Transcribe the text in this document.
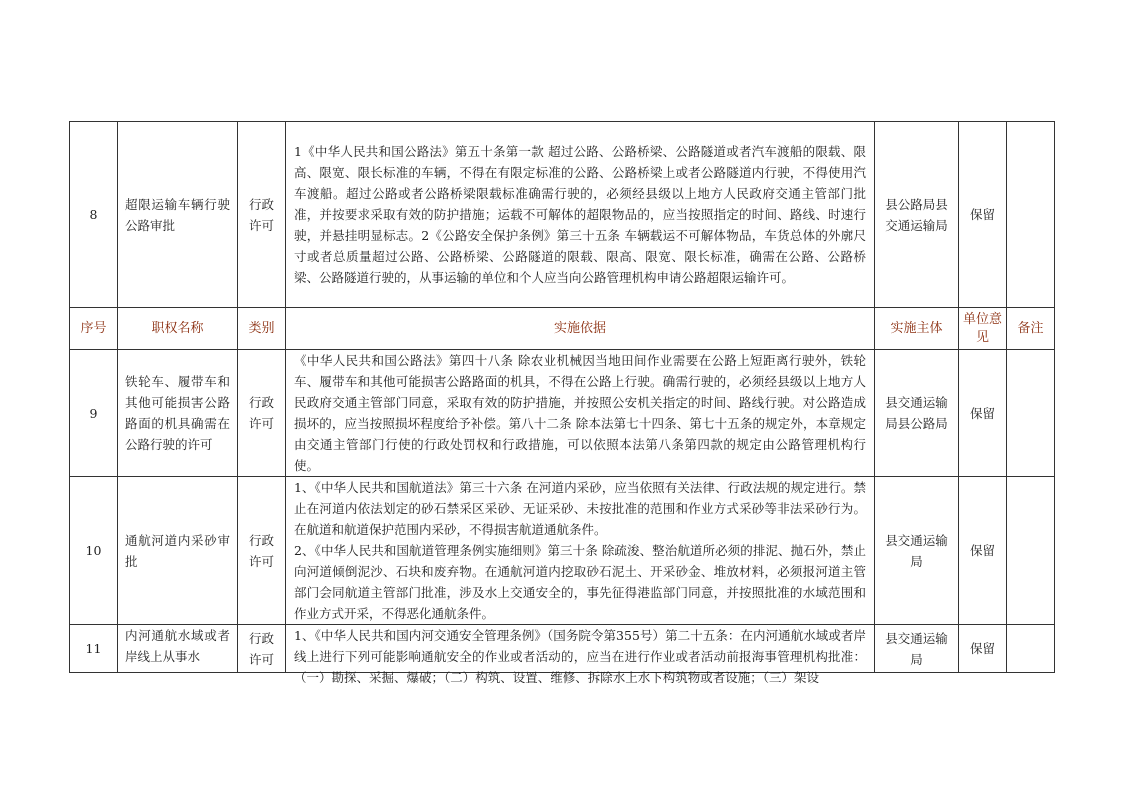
8	超限运输车辆行驶公路审批	行政许可	1《中华人民共和国公路法》第五十条第一款 超过公路、公路桥梁、公路隧道或者汽车渡船的限载、限高、限宽、限长标准的车辆，不得在有限定标准的公路、公路桥梁上或者公路隧道内行驶，不得使用汽车渡船。超过公路或者公路桥梁限载标准确需行驶的，必须经县级以上地方人民政府交通主管部门批准，并按要求采取有效的防护措施；运载不可解体的超限物品的，应当按照指定的时间、路线、时速行驶，并悬挂明显标志。2《公路安全保护条例》第三十五条 车辆载运不可解体物品，车货总体的外廓尺寸或者总质量超过公路、公路桥梁、公路隧道的限载、限高、限宽、限长标准，确需在公路、公路桥梁、公路隧道行驶的，从事运输的单位和个人应当向公路管理机构申请公路超限运输许可。	县公路局县交通运输局	保留	
序号	职权名称	类别	实施依据	实施主体	单位意见	备注
9	铁轮车、履带车和其他可能损害公路路面的机具确需在公路行驶的许可	行政许可	《中华人民共和国公路法》第四十八条 除农业机械因当地田间作业需要在公路上短距离行驶外，铁轮车、履带车和其他可能损害公路路面的机具，不得在公路上行驶。确需行驶的，必须经县级以上地方人民政府交通主管部门同意，采取有效的防护措施，并按照公安机关指定的时间、路线行驶。对公路造成损坏的，应当按照损坏程度给予补偿。第八十二条 除本法第七十四条、第七十五条的规定外，本章规定由交通主管部门行使的行政处罚权和行政措施，可以依照本法第八条第四款的规定由公路管理机构行使。	县交通运输局县公路局	保留	
10	通航河道内采砂审批	行政许可	1、《中华人民共和国航道法》第三十六条 在河道内采砂，应当依照有关法律、行政法规的规定进行。禁止在河道内依法划定的砂石禁采区采砂、无证采砂、未按批准的范围和作业方式采砂等非法采砂行为。在航道和航道保护范围内采砂，不得损害航道通航条件。
2、《中华人民共和国航道管理条例实施细则》第三十条 除疏浚、整治航道所必须的排泥、抛石外，禁止向河道倾倒泥沙、石块和废弃物。在通航河道内挖取砂石泥土、开采砂金、堆放材料，必须报河道主管部门会同航道主管部门批准，涉及水上交通安全的，事先征得港监部门同意，并按照批准的水域范围和作业方式开采，不得恶化通航条件。	县交通运输局	保留	
11	内河通航水域或者岸线上从事水	行政许可	1、《中华人民共和国内河交通安全管理条例》（国务院令第355号）第二十五条：在内河通航水域或者岸线上进行下列可能影响通航安全的作业或者活动的，应当在进行作业或者活动前报海事管理机构批准：（一）勘探、采掘、爆破；（二）构筑、设置、维修、拆除水上水下构筑物或者设施；（三）架设	县交通运输局	保留	
